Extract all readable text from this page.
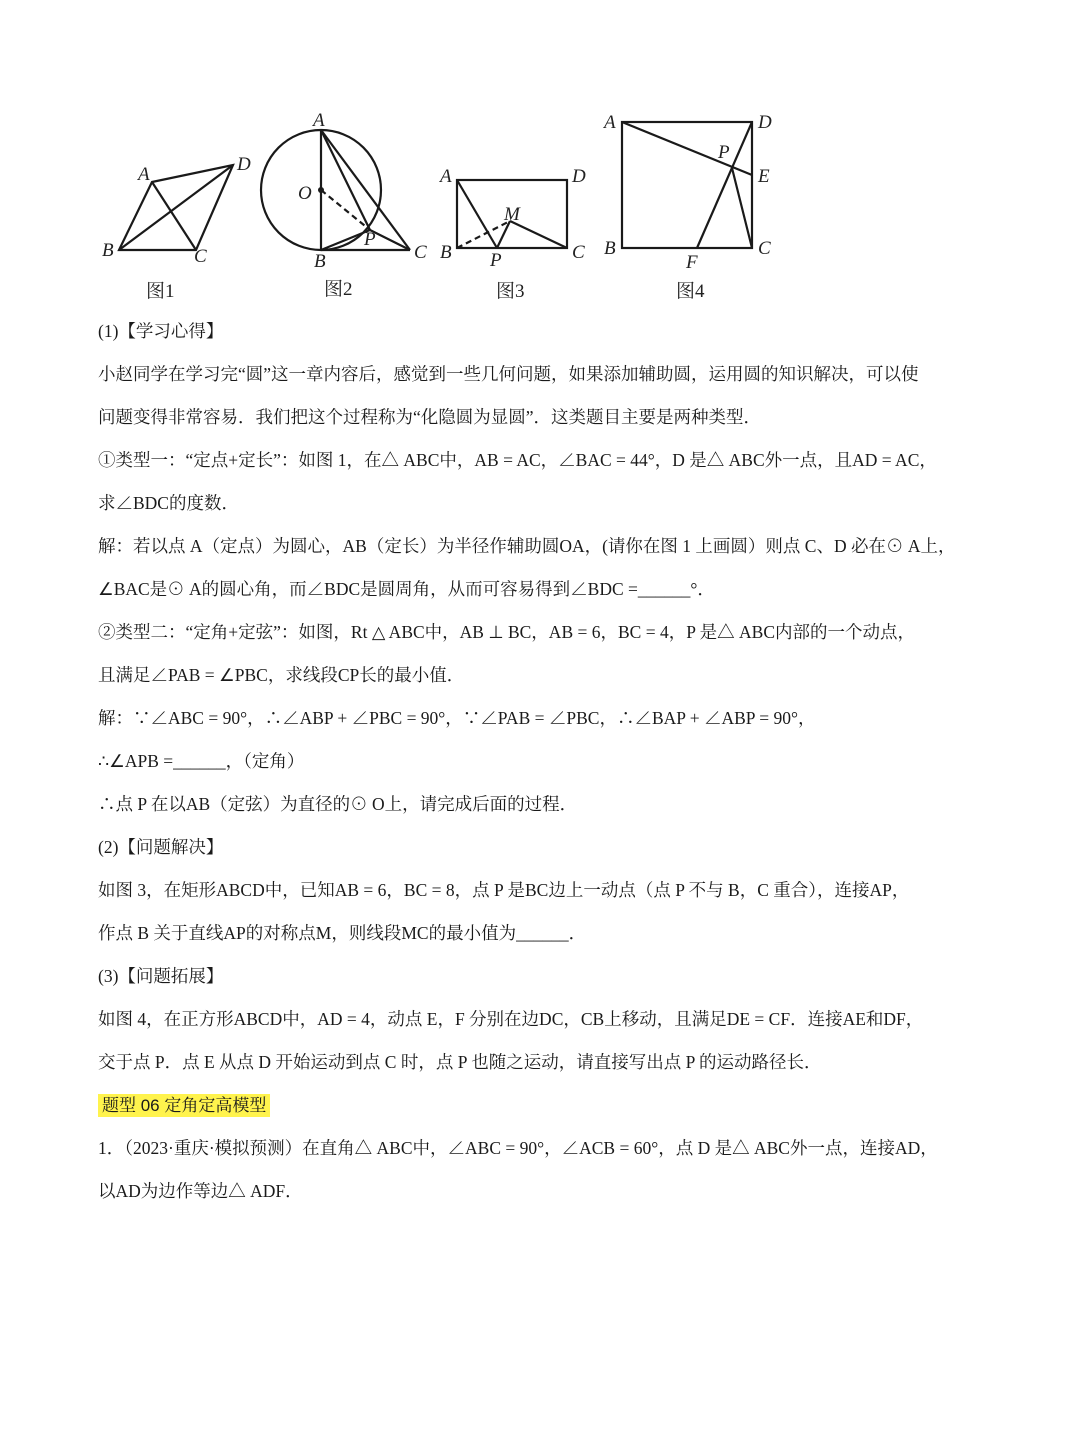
A	D
B	C
A
O
B
P
C
A	D
M
B P	C
A	D
P
E
B
F
C
图1	图2	图3	图4
(1)【学习心得】
小赵同学在学习完“圆”这一章内容后，感觉到一些几何问题，如果添加辅助圆，运用圆的知识解决，可以使
问题变得非常容易．我们把这个过程称为“化隐圆为显圆”．这类题目主要是两种类型．
①类型一：“定点+定长”：如图 1，在△ ABC中，AB = AC，∠BAC = 44°，D 是△ ABC外一点，且AD = AC，
求∠BDC的度数．
解：若以点 A（定点）为圆心，AB（定长）为半径作辅助圆OA，(请你在图 1 上画圆）则点 C、D 必在⊙ A上，
∠BAC是⊙ A的圆心角，而∠BDC是圆周角，从而可容易得到∠BDC =______°．
②类型二：“定角+定弦”：如图，Rt △ ABC中，AB ⊥ BC，AB = 6，BC = 4，P 是△ ABC内部的一个动点，
且满足∠PAB = ∠PBC，求线段CP长的最小值．
解：∵∠ABC = 90°，∴∠ABP + ∠PBC = 90°，∵∠PAB = ∠PBC，∴∠BAP + ∠ABP = 90°，
∴∠APB =______，（定角）
∴点 P 在以AB（定弦）为直径的⊙ O上，请完成后面的过程．
(2)【问题解决】
如图 3，在矩形ABCD中，已知AB = 6，BC = 8，点 P 是BC边上一动点（点 P 不与 B，C 重合），连接AP，
作点 B 关于直线AP的对称点M，则线段MC的最小值为______．
(3)【问题拓展】
如图 4，在正方形ABCD中，AD = 4，动点 E，F 分别在边DC，CB上移动，且满足DE = CF．连接AE和DF，
交于点 P．点 E 从点 D 开始运动到点 C 时，点 P 也随之运动，请直接写出点 P 的运动路径长．
题型 06 定角定高模型
1．（2023·重庆·模拟预测）在直角△ ABC中，∠ABC = 90°，∠ACB = 60°，点 D 是△ ABC外一点，连接AD，
以AD为边作等边△ ADF．
